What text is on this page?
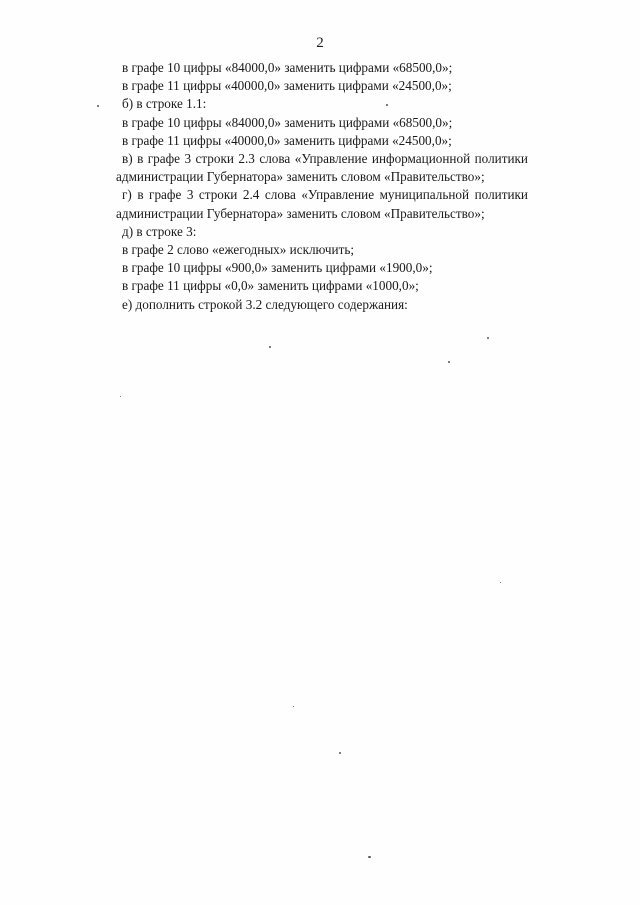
2
в графе 10 цифры «84000,0» заменить цифрами «68500,0»;
в графе 11 цифры «40000,0» заменить цифрами «24500,0»;
б) в строке 1.1:
в графе 10 цифры «84000,0» заменить цифрами «68500,0»;
в графе 11 цифры «40000,0» заменить цифрами «24500,0»;
в) в графе 3 строки 2.3 слова «Управление информационной политики администрации Губернатора» заменить словом «Правительство»;
г) в графе 3 строки 2.4 слова «Управление муниципальной политики администрации Губернатора» заменить словом «Правительство»;
д) в строке 3:
в графе 2 слово «ежегодных» исключить;
в графе 10 цифры «900,0» заменить цифрами «1900,0»;
в графе 11 цифры «0,0» заменить цифрами «1000,0»;
е) дополнить строкой 3.2 следующего содержания:
